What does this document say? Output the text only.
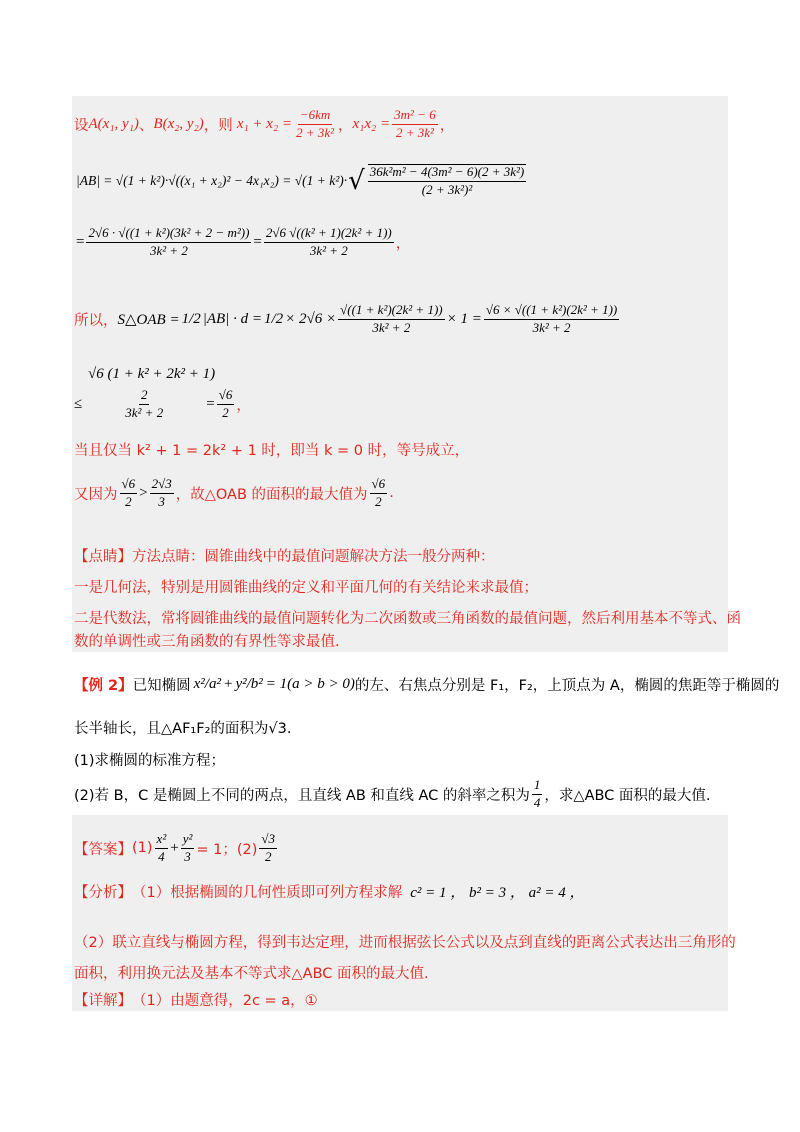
设 A(x₁, y₁) 、 B(x₂, y₂) ，则 $x_1 + x_2 = \frac{-6km}{\text{2 + 3k²}}$ ， $x_1x_2 = \frac{\text{3m² − 6}}{\text{2 + 3k²}}$ ，
|AB| = √(1 + k²)·√((x₁ + x₂)² − 4x₁x₂) = √(1 + k²)· √ $\frac{\text{36k²m² − 4(3m² − 6)(2 + 3k²)}}{\text{(2 + 3k²)²}}$
= $\frac{\text{2√6 · √((1 + k²)(3k² + 2 − m²))}}{\text{3k² + 2}} = \frac{\text{2√6 √((k² + 1)(2k² + 1))}}{\text{3k² + 2}}$ ，
所以， S△OAB = 1/2 $|AB| \cdot d = 1/2 \times 2√6 \times \frac{\text{√((1 + k²)(2k² + 1))}}{\text{3k² + 2}} \times 1 = \frac{\text{√6 × √((1 + k²)(2k² + 1))}}{\text{3k² + 2}}$
√6 (1 + k² + 2k² + 1)
≤ $\frac{2}{\text{3k² + 2}} = \frac{√6}{2}$ ，
当且仅当 k² + 1 = 2k² + 1 时，即当 k = 0 时，等号成立，
又因为 $\frac{√6}{2} > \frac{2√3}{3}$ ，故△OAB 的面积的最大值为 $\frac{√6}{2}$ .
【点睛】方法点睛：圆锥曲线中的最值问题解决方法一般分两种：
一是几何法，特别是用圆锥曲线的定义和平面几何的有关结论来求最值；
二是代数法，常将圆锥曲线的最值问题转化为二次函数或三角函数的最值问题，然后利用基本不等式、函
数的单调性或三角函数的有界性等求最值.
【例 2】 已知椭圆 x²/a² + y²/b² = 1(a > b > 0) 的左、右焦点分别是 F₁，F₂，上顶点为 A，椭圆的焦距等于椭圆的
长半轴长，且△AF₁F₂的面积为√3.
(1)求椭圆的标准方程；
(2)若 B，C 是椭圆上不同的两点，且直线 AB 和直线 AC 的斜率之积为 $\frac{1}{4}$ ，求△ABC 面积的最大值.
【答案】 $(1) \frac{\text{x²}}{4} + \frac{\text{y²}}{3} = 1$；$(2) \frac{√3}{2}$
【分析】 （1）根据椭圆的几何性质即可列方程求解 c² = 1 ， b² = 3 ， a² = 4 ，
（2）联立直线与椭圆方程，得到韦达定理，进而根据弦长公式以及点到直线的距离公式表达出三角形的
面积，利用换元法及基本不等式求△ABC 面积的最大值.
【详解】 （1）由题意得，2c = a，①
